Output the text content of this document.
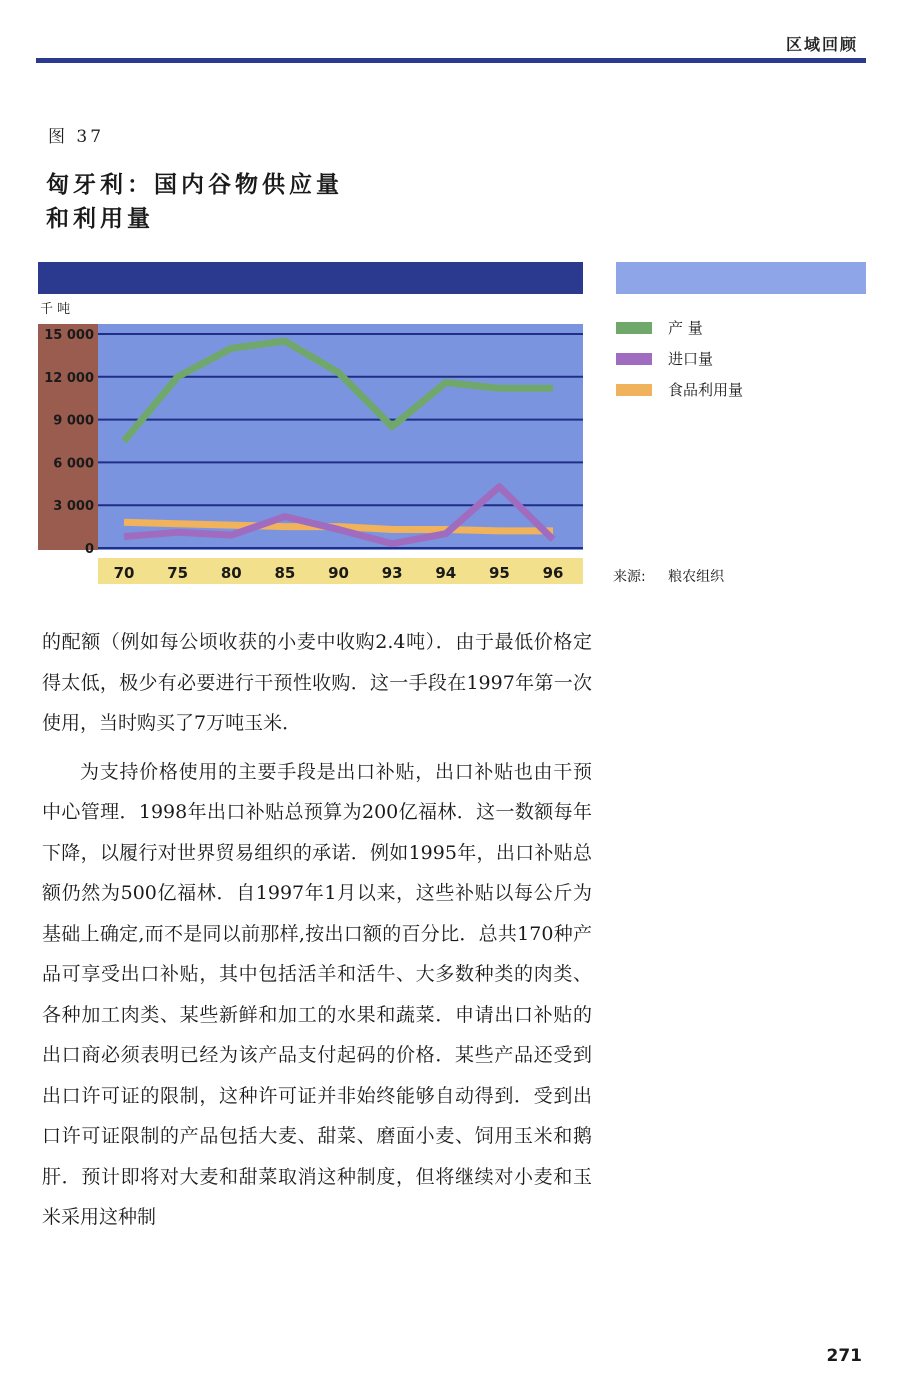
区域回顾
图 37
匈牙利：国内谷物供应量
和利用量
千 吨
15 000
12 000
9 000
6 000
3 000
0
70 75 80 85 90 93 94 95 96
产 量
进口量
食品利用量
来源: 粮农组织

的配额（例如每公顷收获的小麦中收购2.4吨）．由于最低价格定得太低，极少有必要进行干预性收购．这一手段在1997年第一次使用，当时购买了7万吨玉米．

为支持价格使用的主要手段是出口补贴，出口补贴也由干预中心管理．1998年出口补贴总预算为200亿福林．这一数额每年下降，以履行对世界贸易组织的承诺．例如1995年，出口补贴总额仍然为500亿福林．自1997年1月以来，这些补贴以每公斤为基础上确定,而不是同以前那样,按出口额的百分比．总共170种产品可享受出口补贴，其中包括活羊和活牛、大多数种类的肉类、各种加工肉类、某些新鲜和加工的水果和蔬菜．申请出口补贴的出口商必须表明已经为该产品支付起码的价格．某些产品还受到出口许可证的限制，这种许可证并非始终能够自动得到．受到出口许可证限制的产品包括大麦、甜菜、磨面小麦、饲用玉米和鹅肝．预计即将对大麦和甜菜取消这种制度，但将继续对小麦和玉米采用这种制

271
